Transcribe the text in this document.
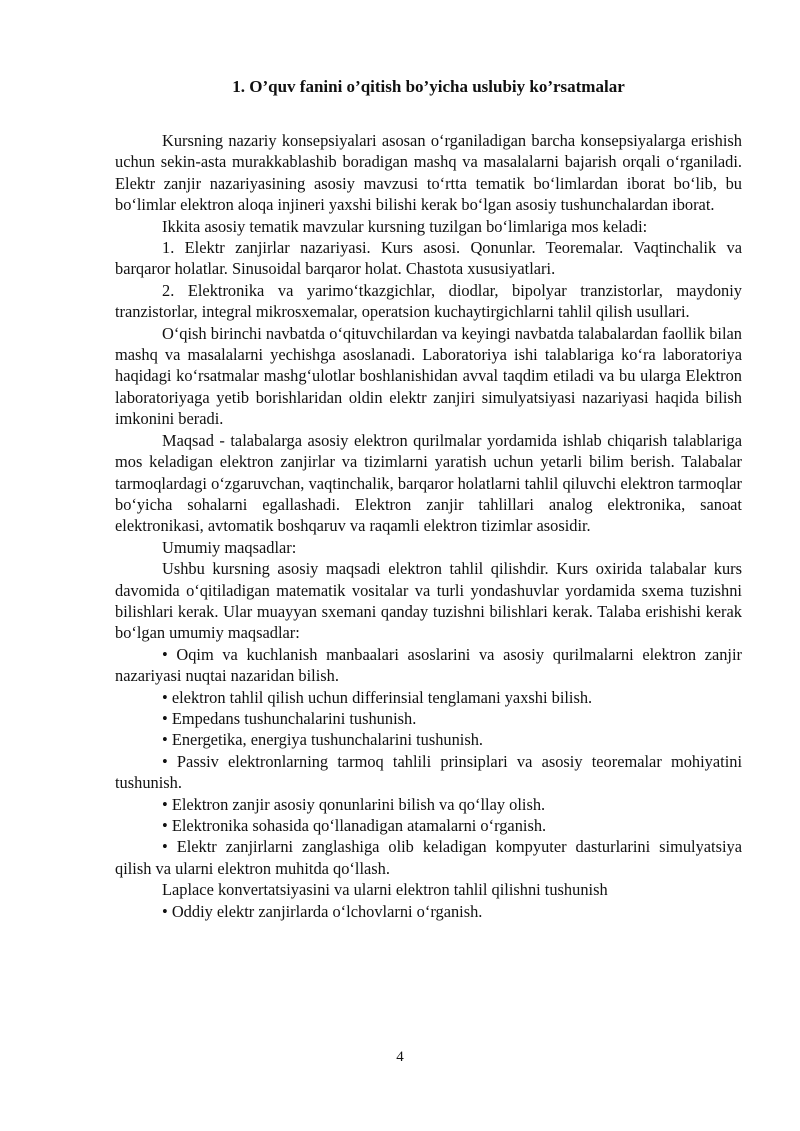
1. O’quv fanini o’qitish bo’yicha uslubiy ko’rsatmalar

Kursning nazariy konsepsiyalari asosan o‘rganiladigan barcha konsepsiyalarga erishish uchun sekin-asta murakkablashib boradigan mashq va masalalarni bajarish orqali o‘rganiladi. Elektr zanjir nazariyasining asosiy mavzusi to‘rtta tematik bo‘limlardan iborat bo‘lib, bu bo‘limlar elektron aloqa injineri yaxshi bilishi kerak bo‘lgan asosiy tushunchalardan iborat.

Ikkita asosiy tematik mavzular kursning tuzilgan bo‘limlariga mos keladi:

1. Elektr zanjirlar nazariyasi. Kurs asosi. Qonunlar. Teoremalar. Vaqtinchalik va barqaror holatlar. Sinusoidal barqaror holat. Chastota xususiyatlari.

2. Elektronika va yarimo‘tkazgichlar, diodlar, bipolyar tranzistorlar, maydoniy tranzistorlar, integral mikrosxemalar, operatsion kuchaytirgichlarni tahlil qilish usullari.

O‘qish birinchi navbatda o‘qituvchilardan va keyingi navbatda talabalardan faollik bilan mashq va masalalarni yechishga asoslanadi. Laboratoriya ishi talablariga ko‘ra laboratoriya haqidagi ko‘rsatmalar mashg‘ulotlar boshlanishidan avval taqdim etiladi va bu ularga Elektron laboratoriyaga yetib borishlaridan oldin elektr zanjiri simulyatsiyasi nazariyasi haqida bilish imkonini beradi.

Maqsad - talabalarga asosiy elektron qurilmalar yordamida ishlab chiqarish talablariga mos keladigan elektron zanjirlar va tizimlarni yaratish uchun yetarli bilim berish. Talabalar tarmoqlardagi o‘zgaruvchan, vaqtinchalik, barqaror holatlarni tahlil qiluvchi elektron tarmoqlar bo‘yicha sohalarni egallashadi. Elektron zanjir tahlillari analog elektronika, sanoat elektronikasi, avtomatik boshqaruv va raqamli elektron tizimlar asosidir.

Umumiy maqsadlar:

Ushbu kursning asosiy maqsadi elektron tahlil qilishdir. Kurs oxirida talabalar kurs davomida o‘qitiladigan matematik vositalar va turli yondashuvlar yordamida sxema tuzishni bilishlari kerak. Ular muayyan sxemani qanday tuzishni bilishlari kerak. Talaba erishishi kerak bo‘lgan umumiy maqsadlar:

• Oqim va kuchlanish manbaalari asoslarini va asosiy qurilmalarni elektron zanjir nazariyasi nuqtai nazaridan bilish.

• elektron tahlil qilish uchun differinsial tenglamani yaxshi bilish.

• Empedans tushunchalarini tushunish.

• Energetika, energiya tushunchalarini tushunish.

• Passiv elektronlarning tarmoq tahlili prinsiplari va asosiy teoremalar mohiyatini tushunish.

• Elektron zanjir asosiy qonunlarini bilish va qo‘llay olish.

• Elektronika sohasida qo‘llanadigan atamalarni o‘rganish.

• Elektr zanjirlarni zanglashiga olib keladigan kompyuter dasturlarini simulyatsiya qilish va ularni elektron muhitda qo‘llash.

Laplace konvertatsiyasini va ularni elektron tahlil qilishni tushunish

• Oddiy elektr zanjirlarda o‘lchovlarni o‘rganish.

4
